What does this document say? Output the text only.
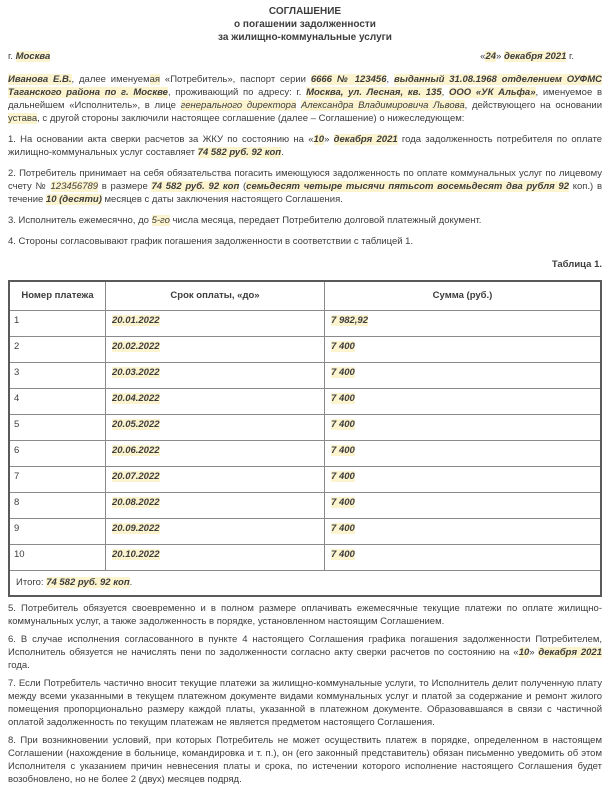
СОГЛАШЕНИЕ
о погашении задолженности
за жилищно-коммунальные услуги
г. Москва	«24» декабря 2021 г.

Иванова Е.В., далее именуемая «Потребитель», паспорт серии 6666 № 123456, выданный 31.08.1968 отделением ОУФМС Таганского района по г. Москве, проживающий по адресу: г. Москва, ул. Лесная, кв. 135, ООО «УК Альфа», именуемое в дальнейшем «Исполнитель», в лице генерального директора Александра Владимировича Львова, действующего на основании устава, с другой стороны заключили настоящее соглашение (далее – Соглашение) о нижеследующем:

1. На основании акта сверки расчетов за ЖКУ по состоянию на «10» декабря 2021 года задолженность потребителя по оплате жилищно-коммунальных услуг составляет 74 582 руб. 92 коп.

2. Потребитель принимает на себя обязательства погасить имеющуюся задолженность по оплате коммунальных услуг по лицевому счету № 123456789 в размере 74 582 руб. 92 коп (семьдесят четыре тысячи пятьсот восемьдесят два рубля 92 коп.) в течение 10 (десяти) месяцев с даты заключения настоящего Соглашения.

3. Исполнитель ежемесячно, до 5-го числа месяца, передает Потребителю долговой платежный документ.

4. Стороны согласовывают график погашения задолженности в соответствии с таблицей 1.

Таблица 1.
Номер платежа	Срок оплаты, «до»	Сумма (руб.)
1	20.01.2022	7 982,92
2	20.02.2022	7 400
3	20.03.2022	7 400
4	20.04.2022	7 400
5	20.05.2022	7 400
6	20.06.2022	7 400
7	20.07.2022	7 400
8	20.08.2022	7 400
9	20.09.2022	7 400
10	20.10.2022	7 400
Итого: 74 582 руб. 92 коп.		

5. Потребитель обязуется своевременно и в полном размере оплачивать ежемесячные текущие платежи по оплате жилищно-коммунальных услуг, а также задолженность в порядке, установленном настоящим Соглашением.

6. В случае исполнения согласованного в пункте 4 настоящего Соглашения графика погашения задолженности Потребителем, Исполнитель обязуется не начислять пени по задолженности согласно акту сверки расчетов по состоянию на «10» декабря 2021 года.

7. Если Потребитель частично вносит текущие платежи за жилищно-коммунальные услуги, то Исполнитель делит полученную плату между всеми указанными в текущем платежном документе видами коммунальных услуг и платой за содержание и ремонт жилого помещения пропорционально размеру каждой платы, указанной в платежном документе. Образовавшаяся в связи с частичной оплатой задолженность по текущим платежам не является предметом настоящего Соглашения.

8. При возникновении условий, при которых Потребитель не может осуществить платеж в порядке, определенном в настоящем Соглашении (нахождение в больнице, командировка и т. п.), он (его законный представитель) обязан письменно уведомить об этом Исполнителя с указанием причин невнесения платы и срока, по истечении которого исполнение настоящего Соглашения будет возобновлено, но не более 2 (двух) месяцев подряд.
